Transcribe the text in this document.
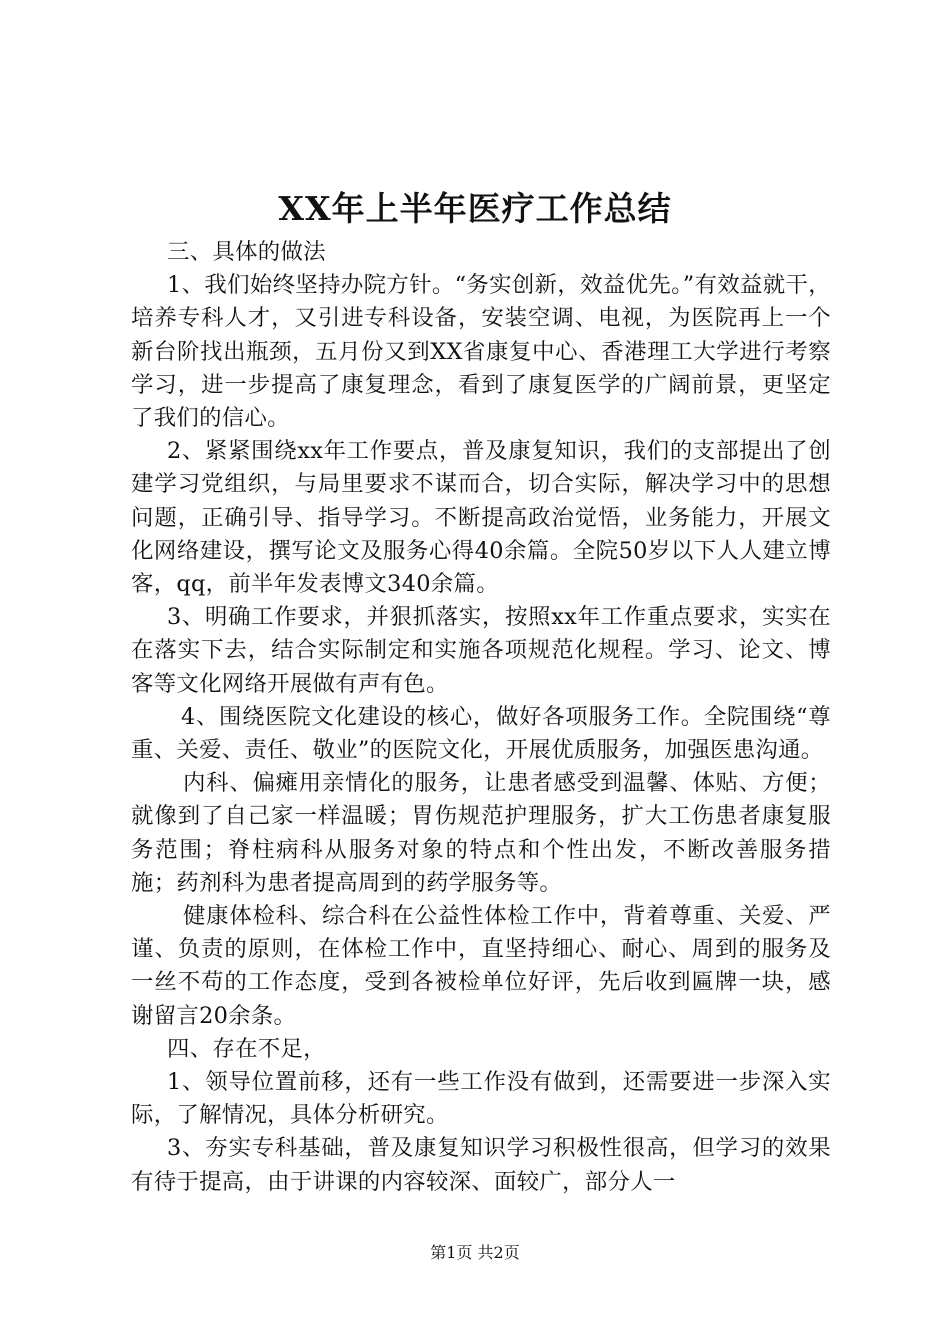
XX年上半年医疗工作总结

三、具体的做法

1、我们始终坚持办院方针。“务实创新，效益优先。”有效益就干，培养专科人才，又引进专科设备，安装空调、电视，为医院再上一个新台阶找出瓶颈，五月份又到XX省康复中心、香港理工大学进行考察学习，进一步提高了康复理念，看到了康复医学的广阔前景，更坚定了我们的信心。

2、紧紧围绕xx年工作要点，普及康复知识，我们的支部提出了创建学习党组织，与局里要求不谋而合，切合实际，解决学习中的思想问题，正确引导、指导学习。不断提高政治觉悟，业务能力，开展文化网络建设，撰写论文及服务心得40余篇。全院50岁以下人人建立博客，qq，前半年发表博文340余篇。

3、明确工作要求，并狠抓落实，按照xx年工作重点要求，实实在在落实下去，结合实际制定和实施各项规范化规程。学习、论文、博客等文化网络开展做有声有色。

4、围绕医院文化建设的核心，做好各项服务工作。全院围绕“尊重、关爱、责任、敬业”的医院文化，开展优质服务，加强医患沟通。

内科、偏瘫用亲情化的服务，让患者感受到温馨、体贴、方便；就像到了自己家一样温暖；胃伤规范护理服务，扩大工伤患者康复服务范围；脊柱病科从服务对象的特点和个性出发，不断改善服务措施；药剂科为患者提高周到的药学服务等。

健康体检科、综合科在公益性体检工作中，背着尊重、关爱、严谨、负责的原则，在体检工作中，直坚持细心、耐心、周到的服务及一丝不苟的工作态度，受到各被检单位好评，先后收到匾牌一块，感谢留言20余条。

四、存在不足，

1、领导位置前移，还有一些工作没有做到，还需要进一步深入实际，了解情况，具体分析研究。

3、夯实专科基础，普及康复知识学习积极性很高，但学习的效果有待于提高，由于讲课的内容较深、面较广，部分人一

第1页 共2页
